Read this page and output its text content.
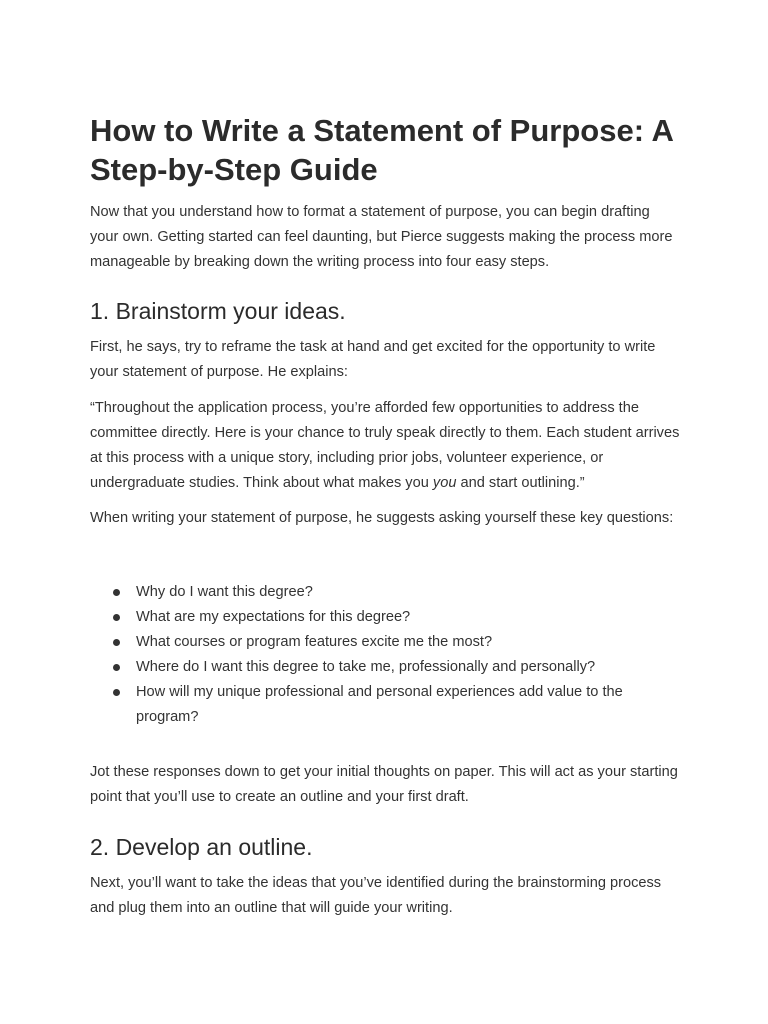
How to Write a Statement of Purpose: A Step-by-Step Guide

Now that you understand how to format a statement of purpose, you can begin drafting your own. Getting started can feel daunting, but Pierce suggests making the process more manageable by breaking down the writing process into four easy steps.

1. Brainstorm your ideas.

First, he says, try to reframe the task at hand and get excited for the opportunity to write your statement of purpose. He explains:

“Throughout the application process, you’re afforded few opportunities to address the committee directly. Here is your chance to truly speak directly to them. Each student arrives at this process with a unique story, including prior jobs, volunteer experience, or undergraduate studies. Think about what makes you you and start outlining.”

When writing your statement of purpose, he suggests asking yourself these key questions:

Why do I want this degree?
What are my expectations for this degree?
What courses or program features excite me the most?
Where do I want this degree to take me, professionally and personally?
How will my unique professional and personal experiences add value to the program?

Jot these responses down to get your initial thoughts on paper. This will act as your starting point that you’ll use to create an outline and your first draft.

2. Develop an outline.

Next, you’ll want to take the ideas that you’ve identified during the brainstorming process and plug them into an outline that will guide your writing.
